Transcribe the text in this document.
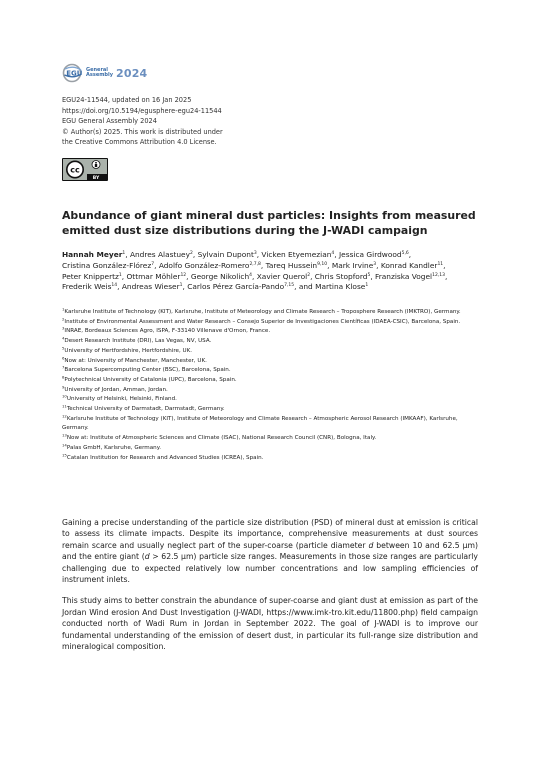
EGU
General
Assembly 2024
EGU24-11544, updated on 16 Jan 2025
https://doi.org/10.5194/egusphere-egu24-11544
EGU General Assembly 2024
© Author(s) 2025. This work is distributed under
the Creative Commons Attribution 4.0 License.
cc
BY
Abundance of giant mineral dust particles: Insights from measured emitted dust size distributions during the J-WADI campaign
Hannah Meyer$^1$, Andres Alastuey$^2$, Sylvain Dupont$^3$, Vicken Etyemezian$^4$, Jessica Girdwood$^{5,6}$, Cristina González-Flórez$^7$, Adolfo González-Romero$^{2,7,8}$, Tareq Hussein$^{9,10}$, Mark Irvine$^3$, Konrad Kandler$^{11}$, Peter Knippertz$^1$, Ottmar Möhler$^{12}$, George Nikolich$^4$, Xavier Querol$^2$, Chris Stopford$^5$, Franziska Vogel$^{12,13}$, Frederik Weis$^{14}$, Andreas Wieser$^1$, Carlos Pérez García-Pando$^{7,15}$, and Martina Klose$^1$

$^1$Karlsruhe Institute of Technology (KIT), Karlsruhe, Institute of Meteorology and Climate Research – Troposphere Research (IMKTRO), Germany.

$^2$Institute of Environmental Assessment and Water Research – Consejo Superior de Investigaciones Científicas (IDAEA-CSIC), Barcelona, Spain.

$^3$INRAE, Bordeaux Sciences Agro, ISPA, F-33140 Villenave d'Ornon, France.

$^4$Desert Research Institute (DRI), Las Vegas, NV, USA.

$^5$University of Hertfordshire, Hertfordshire, UK.

$^6$Now at: University of Manchester, Manchester, UK.

$^7$Barcelona Supercomputing Center (BSC), Barcelona, Spain.

$^8$Polytechnical University of Catalonia (UPC), Barcelona, Spain.

$^9$University of Jordan, Amman, Jordan.

$^{10}$University of Helsinki, Helsinki, Finland.

$^{11}$Technical University of Darmstadt, Darmstadt, Germany.

$^{12}$Karlsruhe Institute of Technology (KIT), Institute of Meteorology and Climate Research – Atmospheric Aerosol Research (IMKAAF), Karlsruhe, Germany.

$^{13}$Now at: Institute of Atmospheric Sciences and Climate (ISAC), National Research Council (CNR), Bologna, Italy.

$^{14}$Palas GmbH, Karlsruhe, Germany.

$^{15}$Catalan Institution for Research and Advanced Studies (ICREA), Spain.

Gaining a precise understanding of the particle size distribution (PSD) of mineral dust at emission is critical to assess its climate impacts. Despite its importance, comprehensive measurements at dust sources remain scarce and usually neglect part of the super-coarse (particle diameter d between 10 and 62.5 µm) and the entire giant (d > 62.5 µm) particle size ranges. Measurements in those size ranges are particularly challenging due to expected relatively low number concentrations and low sampling efficiencies of instrument inlets.

This study aims to better constrain the abundance of super-coarse and giant dust at emission as part of the Jordan Wind erosion And Dust Investigation (J-WADI, https://www.imk-tro.kit.edu/11800.php) field campaign conducted north of Wadi Rum in Jordan in September 2022. The goal of J-WADI is to improve our fundamental understanding of the emission of desert dust, in particular its full-range size distribution and mineralogical composition.
